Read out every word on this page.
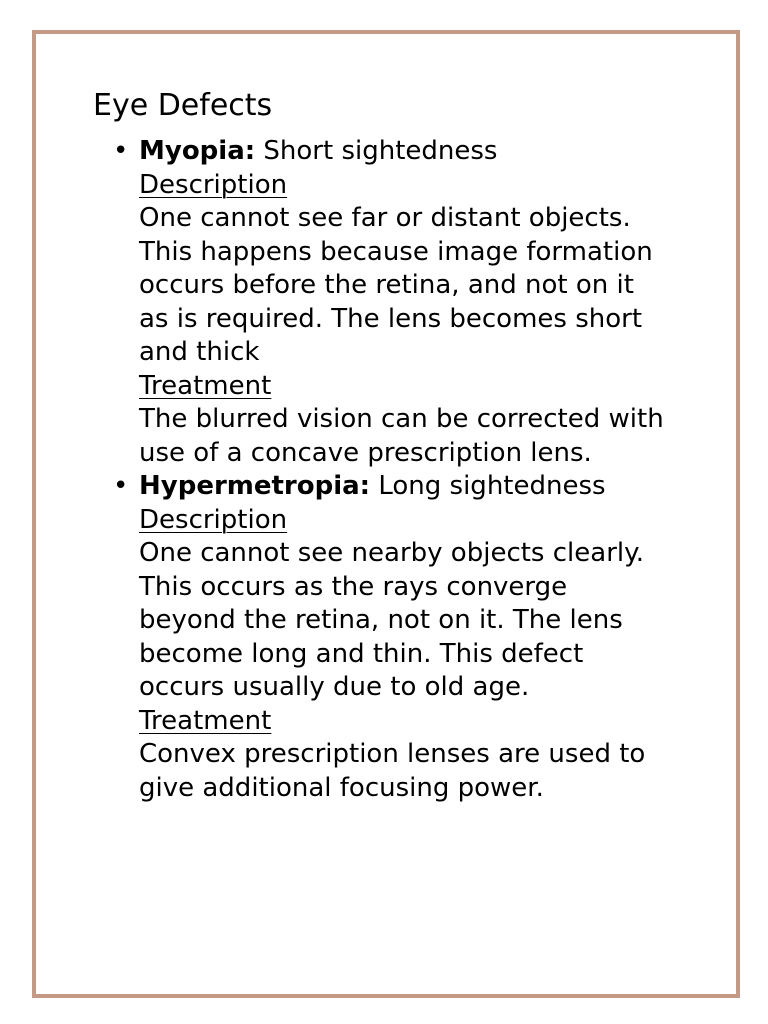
Eye Defects
• Myopia: Short sightedness
Description
One cannot see far or distant objects.
This happens because image formation occurs before the retina, and not on it as is required. The lens becomes short and thick
Treatment
The blurred vision can be corrected with use of a concave prescription lens.
• Hypermetropia: Long sightedness
Description
One cannot see nearby objects clearly. This occurs as the rays converge beyond the retina, not on it. The lens become long and thin. This defect occurs usually due to old age.
Treatment
Convex prescription lenses are used to give additional focusing power.
